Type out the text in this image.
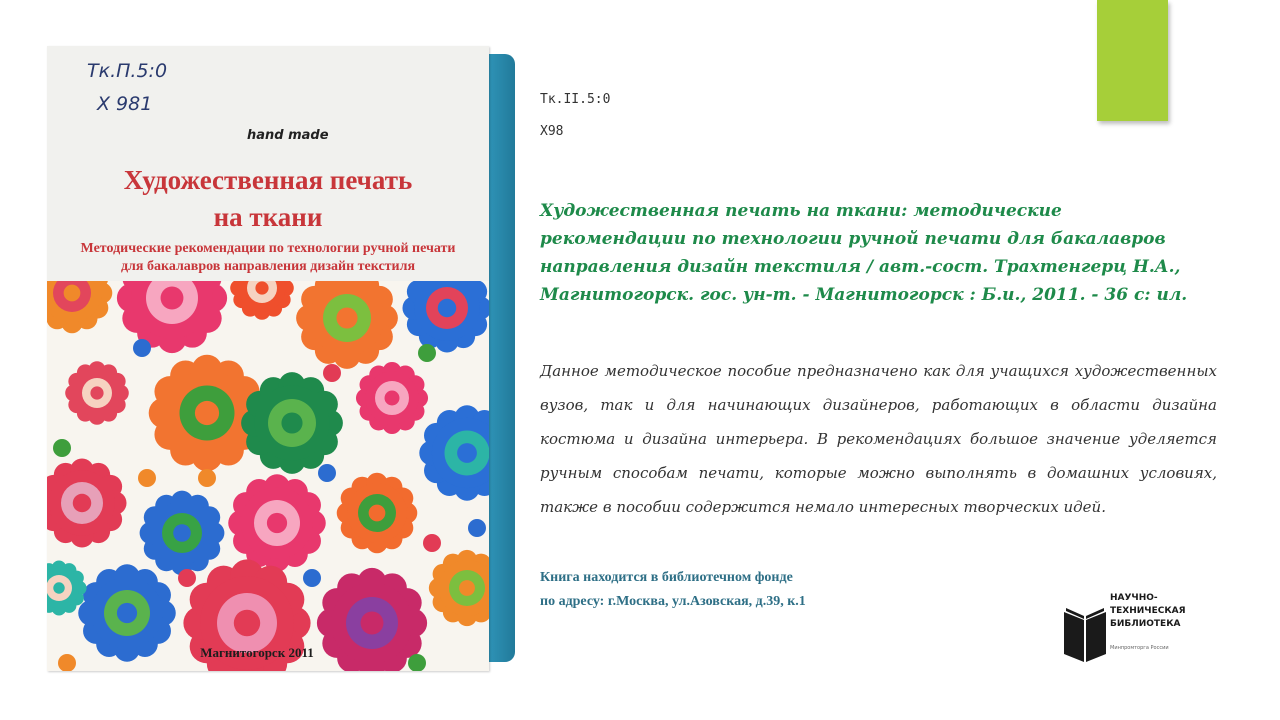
Тк.П.5:0
Х 981
hand made
Художественная печать
на ткани
Методические рекомендации по технологии ручной печати
для бакалавров направления дизайн текстиля
Магнитогорск 2011
Тк.II.5:0
Х98
Художественная печать на ткани: методические
рекомендации по технологии ручной печати для бакалавров
направления дизайн текстиля / авт.-сост. Трахтенгерц Н.А.,
Магнитогорск. гос. ун-т. - Магнитогорск : Б.и., 2011. - 36 с: ил.
Данное методическое пособие предназначено как для учащихся художественных
вузов, так и для начинающих дизайнеров, работающих в области дизайна
костюма и дизайна интерьера. В рекомендациях большое значение уделяется
ручным способам печати, которые можно выполнять в домашних условиях,
также в пособии содержится немало интересных творческих идей.
Книга находится в библиотечном фонде
по адресу: г.Москва, ул.Азовская, д.39, к.1	НАУЧНО-
ТЕХНИЧЕСКАЯ
БИБЛИОТЕКА
Минпромторга России
